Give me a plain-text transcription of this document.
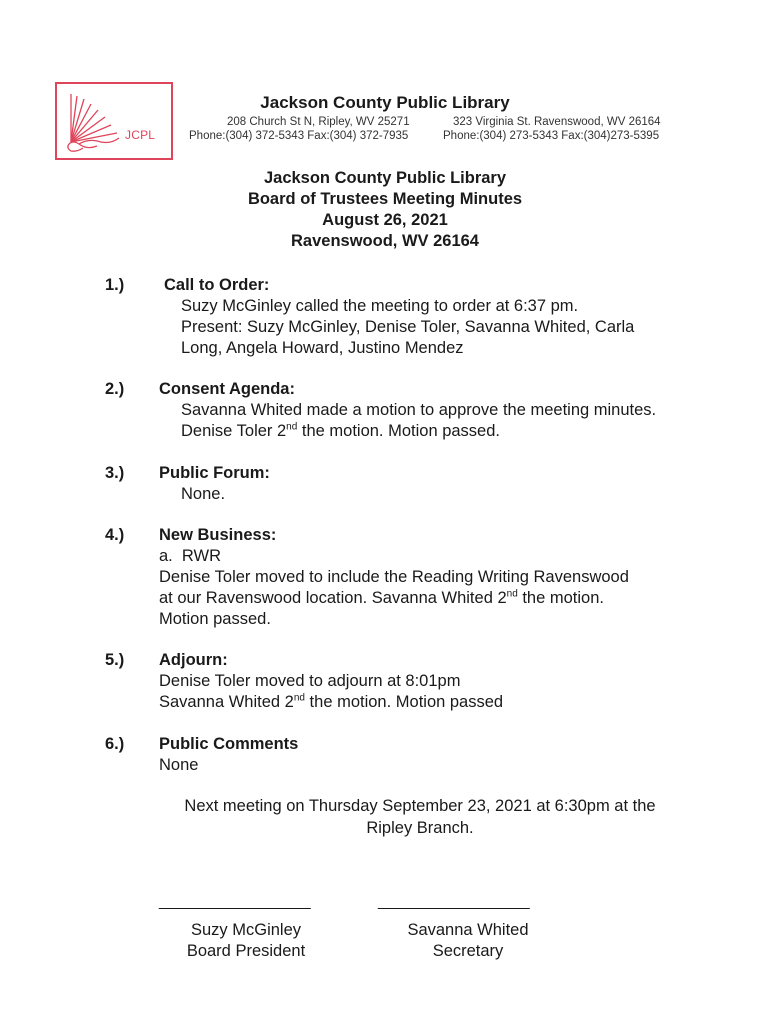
JCPL
Jackson County Public Library
208 Church St N, Ripley, WV 25271
Phone:(304) 372-5343 Fax:(304) 372-7935
323 Virginia St. Ravenswood, WV 26164
Phone:(304) 273-5343 Fax:(304)273-5395
Jackson County Public Library
Board of Trustees Meeting Minutes
August 26, 2021
Ravenswood, WV 26164
1.) Call to Order:
Suzy McGinley called the meeting to order at 6:37 pm.
Present: Suzy McGinley, Denise Toler, Savanna Whited, Carla
Long, Angela Howard, Justino Mendez
2.) Consent Agenda:
Savanna Whited made a motion to approve the meeting minutes.
Denise Toler 2nd the motion. Motion passed.
3.) Public Forum:
None.
4.) New Business:
a.  RWR
Denise Toler moved to include the Reading Writing Ravenswood
at our Ravenswood location. Savanna Whited 2nd the motion.
Motion passed.
5.) Adjourn:
Denise Toler moved to adjourn at 8:01pm
Savanna Whited 2nd the motion. Motion passed
6.) Public Comments
None
Next meeting on Thursday September 23, 2021 at 6:30pm at the
Ripley Branch.
__________________	__________________
Suzy McGinley
Board President
Savanna Whited
Secretary
